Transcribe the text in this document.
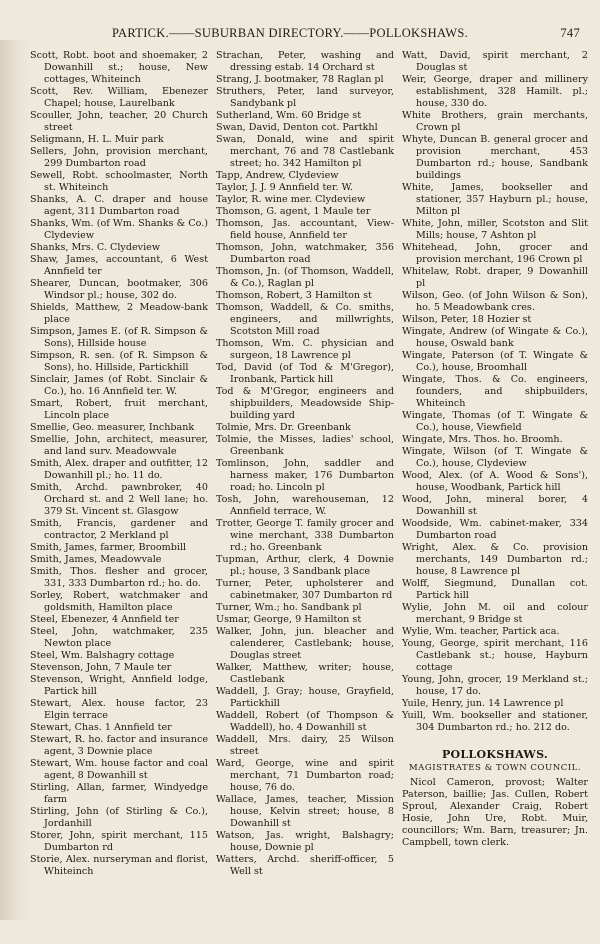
PARTICK.——SUBURBAN DIRECTORY.——POLLOKSHAWS.	747

Scott, Robt. boot and shoemaker, 2 Dowanhill st.; house, New cottages, Whiteinch

Scott, Rev. William, Ebenezer Chapel; house, Laurelbank

Scouller, John, teacher, 20 Church street

Seligmann, H. L. Muir park

Sellers, John, provision merchant, 299 Dumbarton road

Sewell, Robt. schoolmaster, North st. Whiteinch

Shanks, A. C. draper and house agent, 311 Dumbarton road

Shanks, Wm. (of Wm. Shanks & Co.) Clydeview

Shanks, Mrs. C. Clydeview

Shaw, James, accountant, 6 West Annfield ter

Shearer, Duncan, bootmaker, 306 Windsor pl.; house, 302 do.

Shields, Matthew, 2 Meadow-bank place

Simpson, James E. (of R. Simpson & Sons), Hillside house

Simpson, R. sen. (of R. Simpson & Sons), ho. Hillside, Partickhill

Sinclair, James (of Robt. Sinclair & Co.), ho. 16 Annfield ter. W.

Smart, Robert, fruit merchant, Lincoln place

Smellie, Geo. measurer, Inchbank

Smellie, John, architect, measurer, and land surv. Meadowvale

Smith, Alex. draper and outfitter, 12 Dowanhill pl.; ho. 11 do.

Smith, Archd. pawnbroker, 40 Orchard st. and 2 Well lane; ho. 379 St. Vincent st. Glasgow

Smith, Francis, gardener and contractor, 2 Merkland pl

Smith, James, farmer, Broombill

Smith, James, Meadowvale

Smith, Thos. flesher and grocer, 331, 333 Dumbarton rd.; ho. do.

Sorley, Robert, watchmaker and goldsmith, Hamilton place

Steel, Ebenezer, 4 Annfield ter

Steel, John, watchmaker, 235 Newton place

Steel, Wm. Balshagry cottage

Stevenson, John, 7 Maule ter

Stevenson, Wright, Annfield lodge, Partick hill

Stewart, Alex. house factor, 23 Elgin terrace

Stewart, Chas. 1 Annfield ter

Stewart, R. ho. factor and insurance agent, 3 Downie place

Stewart, Wm. house factor and coal agent, 8 Dowanhill st

Stirling, Allan, farmer, Windyedge farm

Stirling, John (of Stirling & Co.), Jordanhill

Storer, John, spirit merchant, 115 Dumbarton rd

Storie, Alex. nurseryman and florist, Whiteinch

Strachan, Peter, washing and dressing estab. 14 Orchard st

Strang, J. bootmaker, 78 Raglan pl

Struthers, Peter, land surveyor, Sandybank pl

Sutherland, Wm. 60 Bridge st

Swan, David, Denton cot. Partkhl

Swan, Donald, wine and spirit merchant, 76 and 78 Castlebank street; ho. 342 Hamilton pl

Tapp, Andrew, Clydeview

Taylor, J. J. 9 Annfield ter. W.

Taylor, R. wine mer. Clydeview

Thomson, G. agent, 1 Maule ter

Thomson, Jas. accountant, View-field house, Annfield ter

Thomson, John, watchmaker, 356 Dumbarton road

Thomson, Jn. (of Thomson, Waddell, & Co.), Raglan pl

Thomson, Robert, 3 Hamilton st

Thomson, Waddell, & Co. smiths, engineers, and millwrights, Scotston Mill road

Thomson, Wm. C. physician and surgeon, 18 Lawrence pl

Tod, David (of Tod & M'Gregor), Ironbank, Partick hill

Tod & M'Gregor, engineers and shipbuilders, Meadowside Ship-building yard

Tolmie, Mrs. Dr. Greenbank

Tolmie, the Misses, ladies' school, Greenbank

Tomlinson, John, saddler and harness maker, 176 Dumbarton road; ho. Lincoln pl

Tosh, John, warehouseman, 12 Annfield terrace, W.

Trotter, George T. family grocer and wine merchant, 338 Dumbarton rd.; ho. Greenbank

Tupman, Arthur, clerk, 4 Downie pl.; house, 3 Sandbank place

Turner, Peter, upholsterer and cabinetmaker, 307 Dumbarton rd

Turner, Wm.; ho. Sandbank pl

Usmar, George, 9 Hamilton st

Walker, John, jun. bleacher and calenderer, Castlebank; house, Douglas street

Walker, Matthew, writer; house, Castlebank

Waddell, J. Gray; house, Grayfield, Partickhill

Waddell, Robert (of Thompson & Waddell), ho. 4 Dowanhill st

Waddell, Mrs. dairy, 25 Wilson street

Ward, George, wine and spirit merchant, 71 Dumbarton road; house, 76 do.

Wallace, James, teacher, Mission house, Kelvin street; house, 8 Dowanhill st

Watson, Jas. wright, Balshagry; house, Downie pl

Watters, Archd. sheriff-officer, 5 Well st

Watt, David, spirit merchant, 2 Douglas st

Weir, George, draper and millinery establishment, 328 Hamilt. pl.; house, 330 do.

White Brothers, grain merchants, Crown pl

Whyte, Duncan B. general grocer and provision merchant, 453 Dumbarton rd.; house, Sandbank buildings

White, James, bookseller and stationer, 357 Hayburn pl.; house, Milton pl

White, John, miller, Scotston and Slit Mills; house, 7 Ashton pl

Whitehead, John, grocer and provision merchant, 196 Crown pl

Whitelaw, Robt. draper, 9 Dowanhill pl

Wilson, Geo. (of John Wilson & Son), ho. 5 Meadowbank cres.

Wilson, Peter, 18 Hozier st

Wingate, Andrew (of Wingate & Co.), house, Oswald bank

Wingate, Paterson (of T. Wingate & Co.), house, Broomhall

Wingate, Thos. & Co. engineers, founders, and shipbuilders, Whiteinch

Wingate, Thomas (of T. Wingate & Co.), house, Viewfield

Wingate, Mrs. Thos. ho. Broomh.

Wingate, Wilson (of T. Wingate & Co.), house, Clydeview

Wood, Alex. (of A. Wood & Sons'), house, Woodbank, Partick hill

Wood, John, mineral borer, 4 Dowanhill st

Woodside, Wm. cabinet-maker, 334 Dumbarton road

Wright, Alex. & Co. provision merchants, 149 Dumbarton rd.; house, 8 Lawrence pl

Wolff, Siegmund, Dunallan cot. Partick hill

Wylie, John M. oil and colour merchant, 9 Bridge st

Wylie, Wm. teacher, Partick aca.

Young, George, spirit merchant, 116 Castlebank st.; house, Hayburn cottage

Young, John, grocer, 19 Merkland st.; house, 17 do.

Yuile, Henry, jun. 14 Lawrence pl

Yuill, Wm. bookseller and stationer, 304 Dumbarton rd.; ho. 212 do.

POLLOKSHAWS.
MAGISTRATES & TOWN COUNCIL.

Nicol Cameron, provost; Walter Paterson, baillie; Jas. Cullen, Robert Sproul, Alexander Craig, Robert Hosie, John Ure, Robt. Muir, councillors; Wm. Barn, treasurer; Jn. Campbell, town clerk.
